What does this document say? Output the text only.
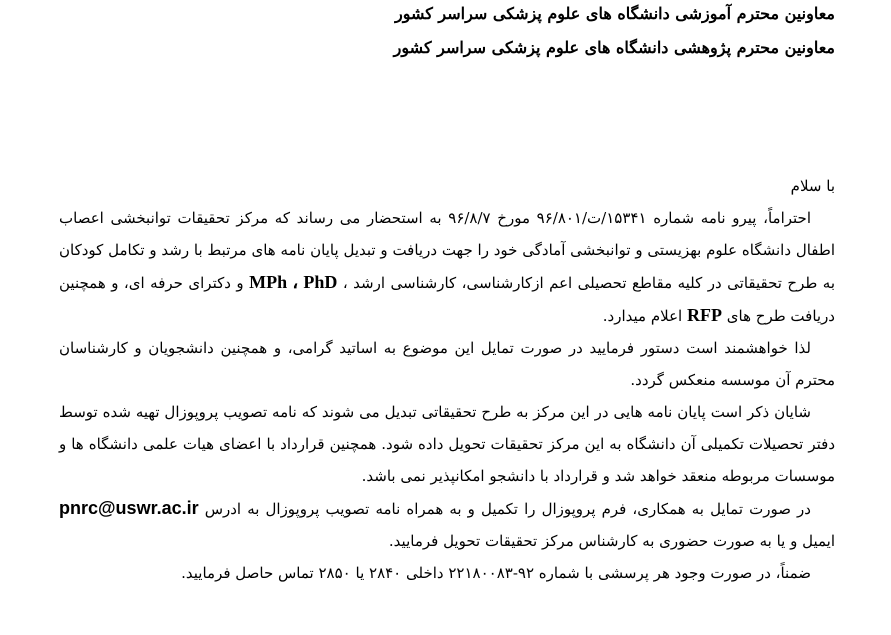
معاونین محترم آموزشی دانشگاه های علوم پزشکی سراسر کشور
معاونین محترم پژوهشی دانشگاه های علوم پزشکی سراسر کشور

با سلام

احتراماً، پیرو نامه شماره ۱۵۳۴۱/ت/۹۶/۸۰۱ مورخ ۹۶/۸/۷ به استحضار می رساند که مرکز تحقیقات توانبخشی اعصاب اطفال دانشگاه علوم بهزیستی و توانبخشی آمادگی خود را جهت دریافت و تبدیل پایان نامه های مرتبط با رشد و تکامل کودکان به طرح تحقیقاتی در کلیه مقاطع تحصیلی اعم ازکارشناسی، کارشناسی ارشد ، MPh ، PhD و دکترای حرفه ای، و همچنین دریافت طرح های RFP اعلام میدارد.

لذا خواهشمند است دستور فرمایید در صورت تمایل این موضوع به اساتید گرامی، و همچنین دانشجویان و کارشناسان محترم آن موسسه منعکس گردد.

شایان ذکر است پایان نامه هایی در این مرکز به طرح تحقیقاتی تبدیل می شوند که نامه تصویب پروپوزال تهیه شده توسط دفتر تحصیلات تکمیلی آن دانشگاه به این مرکز تحقیقات تحویل داده شود. همچنین قرارداد با اعضای هیات علمی دانشگاه ها و موسسات مربوطه منعقد خواهد شد و قرارداد با دانشجو امکانپذیر نمی باشد.

در صورت تمایل به همکاری، فرم پروپوزال را تکمیل و به همراه نامه تصویب پروپوزال به ادرس pnrc@uswr.ac.ir ایمیل و یا به صورت حضوری به کارشناس مرکز تحقیقات تحویل فرمایید.

ضمناً، در صورت وجود هر پرسشی با شماره ۹۲-۲۲۱۸۰۰۸۳ داخلی ۲۸۴۰ یا ۲۸۵۰ تماس حاصل فرمایید.
